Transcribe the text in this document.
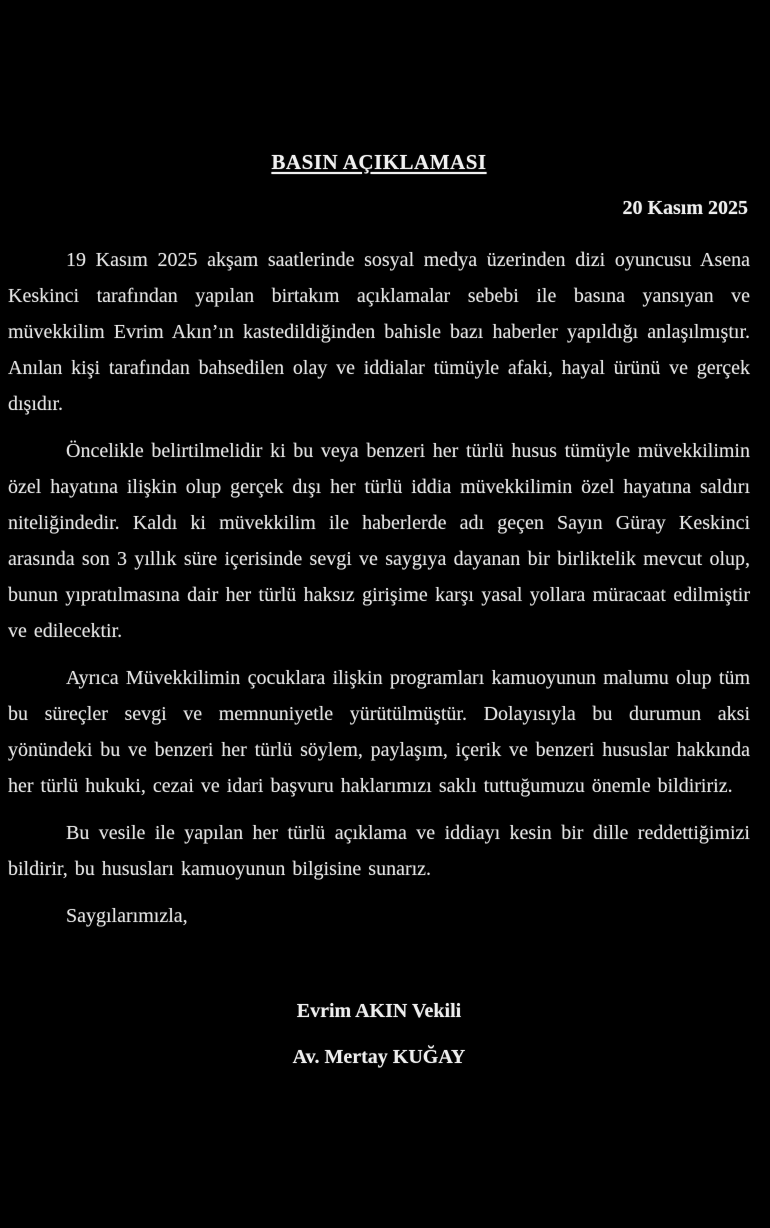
BASIN AÇIKLAMASI
20 Kasım 2025

19 Kasım 2025 akşam saatlerinde sosyal medya üzerinden dizi oyuncusu Asena Keskinci tarafından yapılan birtakım açıklamalar sebebi ile basına yansıyan ve müvekkilim Evrim Akın’ın kastedildiğinden bahisle bazı haberler yapıldığı anlaşılmıştır. Anılan kişi tarafından bahsedilen olay ve iddialar tümüyle afaki, hayal ürünü ve gerçek dışıdır.

Öncelikle belirtilmelidir ki bu veya benzeri her türlü husus tümüyle müvekkilimin özel hayatına ilişkin olup gerçek dışı her türlü iddia müvekkilimin özel hayatına saldırı niteliğindedir. Kaldı ki müvekkilim ile haberlerde adı geçen Sayın Güray Keskinci arasında son 3 yıllık süre içerisinde sevgi ve saygıya dayanan bir birliktelik mevcut olup, bunun yıpratılmasına dair her türlü haksız girişime karşı yasal yollara müracaat edilmiştir ve edilecektir.

Ayrıca Müvekkilimin çocuklara ilişkin programları kamuoyunun malumu olup tüm bu süreçler sevgi ve memnuniyetle yürütülmüştür. Dolayısıyla bu durumun aksi yönündeki bu ve benzeri her türlü söylem, paylaşım, içerik ve benzeri hususlar hakkında her türlü hukuki, cezai ve idari başvuru haklarımızı saklı tuttuğumuzu önemle bildiririz.

Bu vesile ile yapılan her türlü açıklama ve iddiayı kesin bir dille reddettiğimizi bildirir, bu hususları kamuoyunun bilgisine sunarız.

Saygılarımızla,

Evrim AKIN Vekili
Av. Mertay KUĞAY
